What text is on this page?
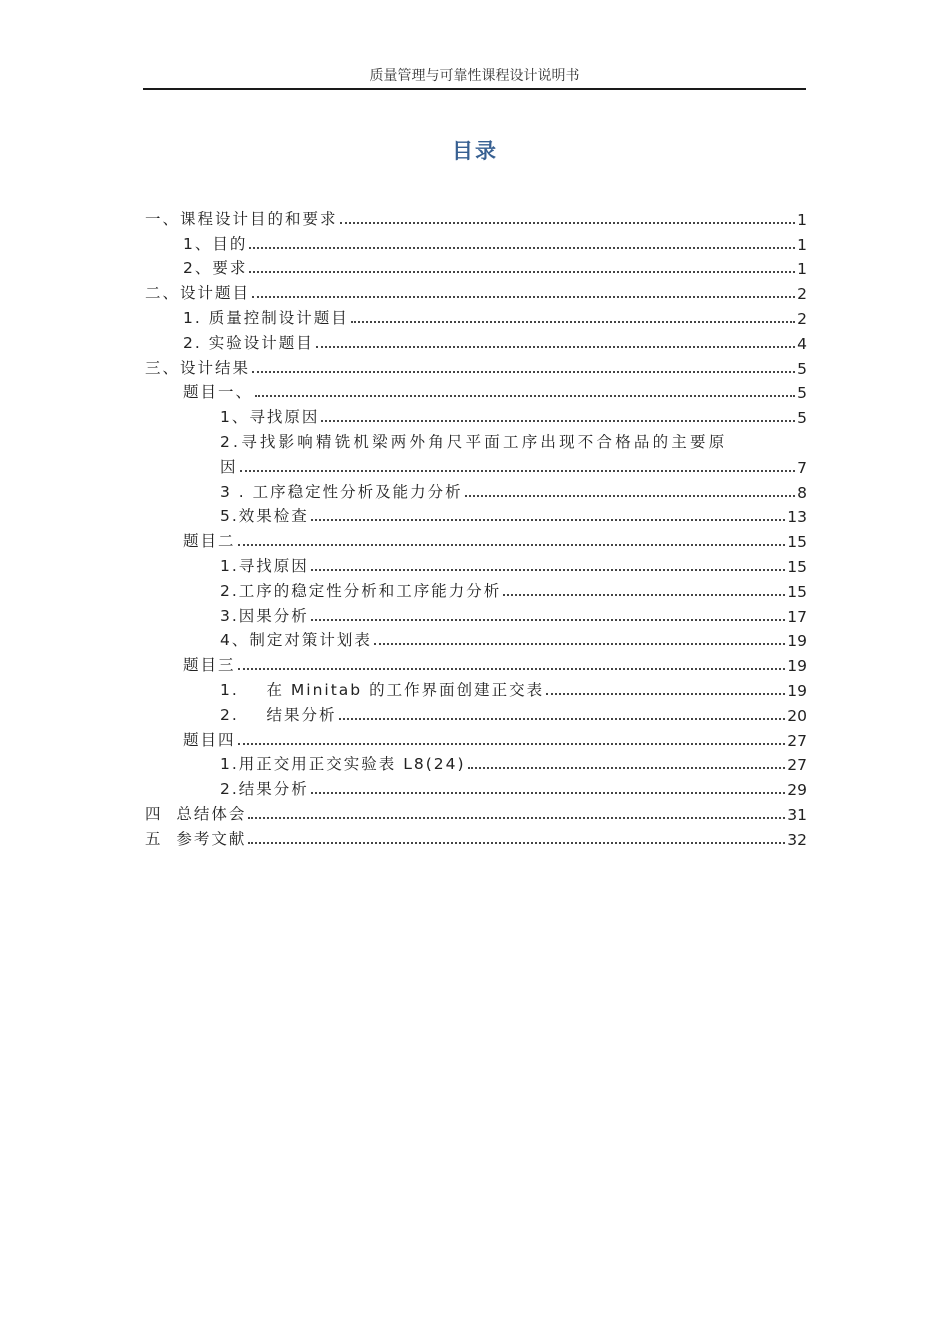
质量管理与可靠性课程设计说明书
目录
一、课程设计目的和要求	1
1、目的	1
2、要求	1
二、设计题目	2
1. 质量控制设计题目	2
2. 实验设计题目	4
三、设计结果	5
题目一、	5
1、寻找原因	5
2.寻找影响精铣机梁两外角尺平面工序出现不合格品的主要原
因	7
3 . 工序稳定性分析及能力分析	8
5.效果检查	13
题目二	15
1.寻找原因	15
2.工序的稳定性分析和工序能力分析	15
3.因果分析	17
4、制定对策计划表	19
题目三	19
1.    在 Minitab 的工作界面创建正交表	19
2.    结果分析	20
题目四	27
1.用正交用正交实验表 L8(24)	27
2.结果分析	29
四  总结体会	31
五  参考文献	32
